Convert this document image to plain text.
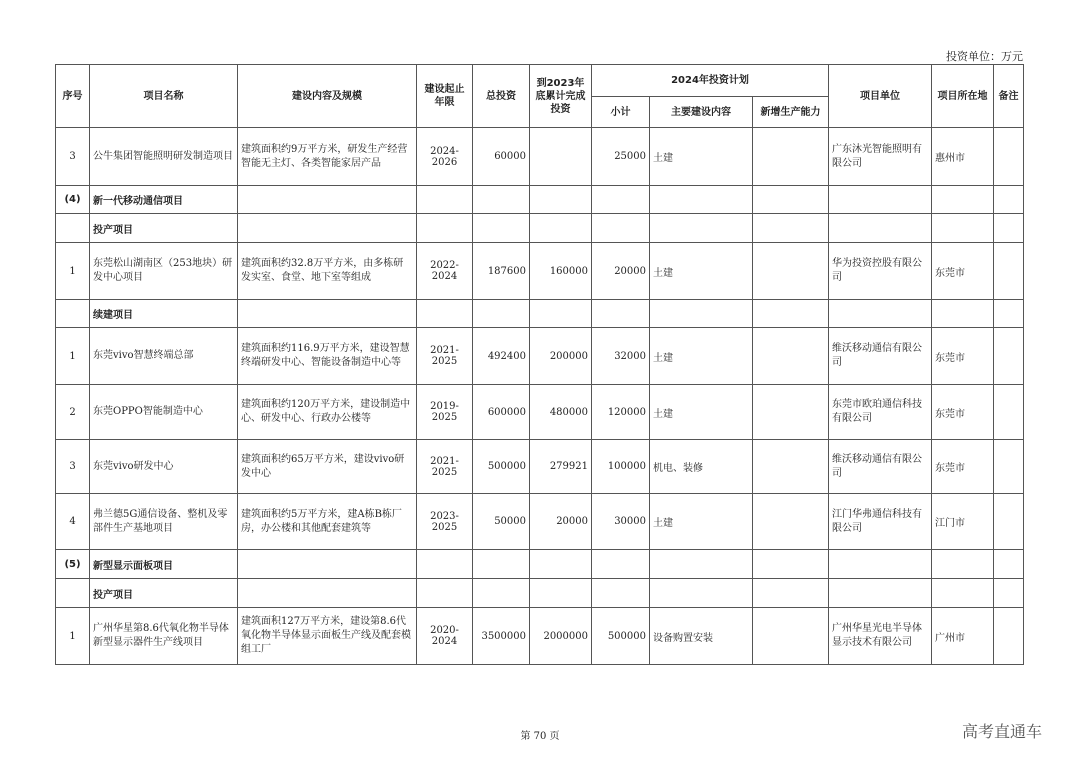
投资单位：万元
序号	项目名称	建设内容及规模	建设起止年限	总投资	到2023年底累计完成投资	2024年投资计划			项目单位	项目所在地	备注
						小计	主要建设内容	新增生产能力			
3	公牛集团智能照明研发制造项目	建筑面积约9万平方米，研发生产经营智能无主灯、各类智能家居产品	2024-2026	60000		25000	土建		广东沐光智能照明有限公司	惠州市	
(4)	新一代移动通信项目										
	投产项目										
1	东莞松山湖南区（253地块）研发中心项目	建筑面积约32.8万平方米，由多栋研发实室、食堂、地下室等组成	2022-2024	187600	160000	20000	土建		华为投资控股有限公司	东莞市	
	续建项目										
1	东莞vivo智慧终端总部	建筑面积约116.9万平方米，建设智慧终端研发中心、智能设备制造中心等	2021-2025	492400	200000	32000	土建		维沃移动通信有限公司	东莞市	
2	东莞OPPO智能制造中心	建筑面积约120万平方米，建设制造中心、研发中心、行政办公楼等	2019-2025	600000	480000	120000	土建		东莞市欧珀通信科技有限公司	东莞市	
3	东莞vivo研发中心	建筑面积约65万平方米，建设vivo研发中心	2021-2025	500000	279921	100000	机电、装修		维沃移动通信有限公司	东莞市	
4	弗兰德5G通信设备、整机及零部件生产基地项目	建筑面积约5万平方米，建A栋B栋厂房，办公楼和其他配套建筑等	2023-2025	50000	20000	30000	土建		江门华弗通信科技有限公司	江门市	
(5)	新型显示面板项目										
	投产项目										
1	广州华星第8.6代氧化物半导体新型显示器件生产线项目	建筑面积127万平方米，建设第8.6代氧化物半导体显示面板生产线及配套模组工厂	2020-2024	3500000	2000000	500000	设备购置安装		广州华星光电半导体显示技术有限公司	广州市	
第 70 页	高考直通车
